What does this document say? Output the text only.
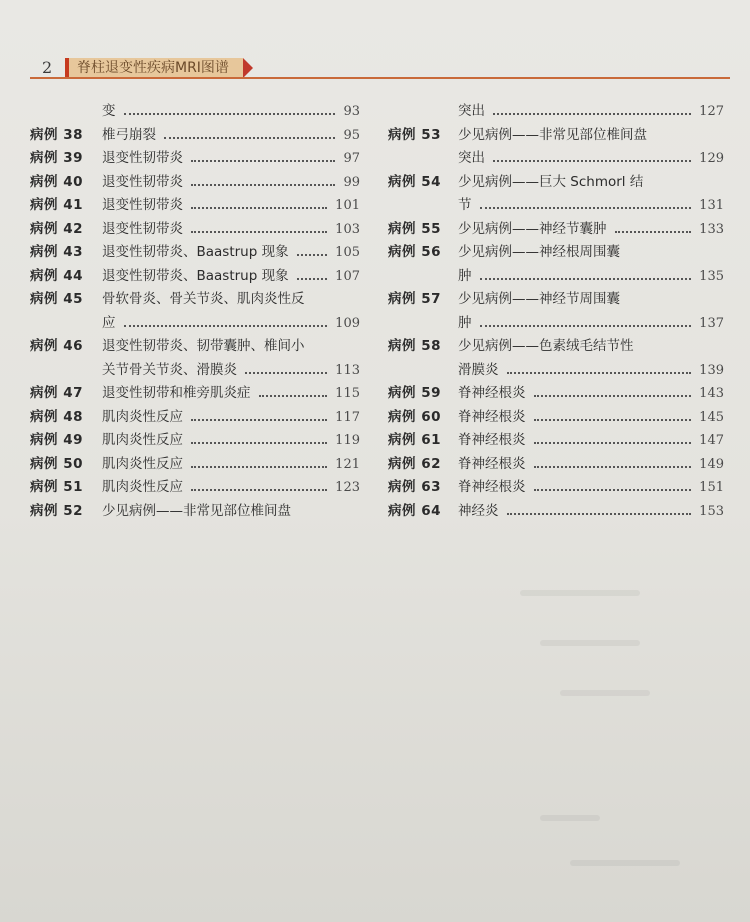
2	脊柱退变性疾病MRI图谱
变	93
病例 38 椎弓崩裂	95
病例 39 退变性韧带炎	97
病例 40 退变性韧带炎	99
病例 41 退变性韧带炎	101
病例 42 退变性韧带炎	103
病例 43 退变性韧带炎、Baastrup 现象	105
病例 44 退变性韧带炎、Baastrup 现象	107
病例 45 骨软骨炎、骨关节炎、肌肉炎性反
应	109
病例 46 退变性韧带炎、韧带囊肿、椎间小
关节骨关节炎、滑膜炎	113
病例 47 退变性韧带和椎旁肌炎症	115
病例 48 肌肉炎性反应	117
病例 49 肌肉炎性反应	119
病例 50 肌肉炎性反应	121
病例 51 肌肉炎性反应	123
病例 52 少见病例——非常见部位椎间盘
突出	127
病例 53 少见病例——非常见部位椎间盘
突出	129
病例 54 少见病例——巨大 Schmorl 结
节	131
病例 55 少见病例——神经节囊肿	133
病例 56 少见病例——神经根周围囊
肿	135
病例 57 少见病例——神经节周围囊
肿	137
病例 58 少见病例——色素绒毛结节性
滑膜炎	139
病例 59 脊神经根炎	143
病例 60 脊神经根炎	145
病例 61 脊神经根炎	147
病例 62 脊神经根炎	149
病例 63 脊神经根炎	151
病例 64 神经炎	153
